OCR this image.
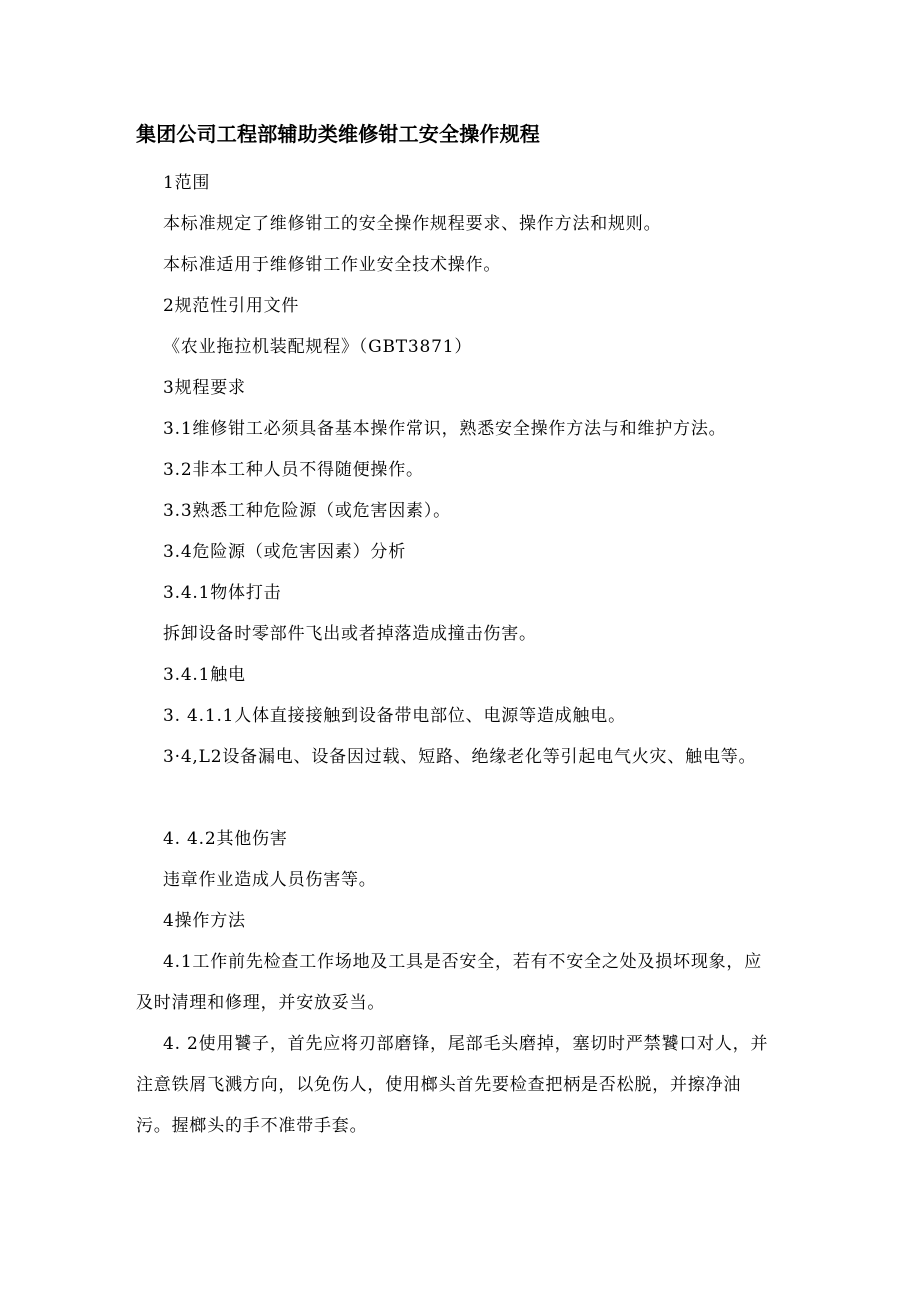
集团公司工程部辅助类维修钳工安全操作规程
1范围
本标准规定了维修钳工的安全操作规程要求、操作方法和规则。
本标准适用于维修钳工作业安全技术操作。
2规范性引用文件
《农业拖拉机装配规程》（GBT3871）
3规程要求
3.1维修钳工必须具备基本操作常识，熟悉安全操作方法与和维护方法。
3.2非本工种人员不得随便操作。
3.3熟悉工种危险源（或危害因素）。
3.4危险源（或危害因素）分析
3.4.1物体打击
拆卸设备时零部件飞出或者掉落造成撞击伤害。
3.4.1触电
3. 4.1.1人体直接接触到设备带电部位、电源等造成触电。
3·4,L2设备漏电、设备因过载、短路、绝缘老化等引起电气火灾、触电等。
4. 4.2其他伤害
违章作业造成人员伤害等。
4操作方法
4.1工作前先检查工作场地及工具是否安全，若有不安全之处及损坏现象，应及时清理和修理，并安放妥当。
4. 2使用饕子，首先应将刃部磨锋，尾部毛头磨掉，塞切时严禁饕口对人，并注意铁屑飞溅方向，以免伤人，使用榔头首先要检查把柄是否松脱，并擦净油污。握榔头的手不准带手套。
